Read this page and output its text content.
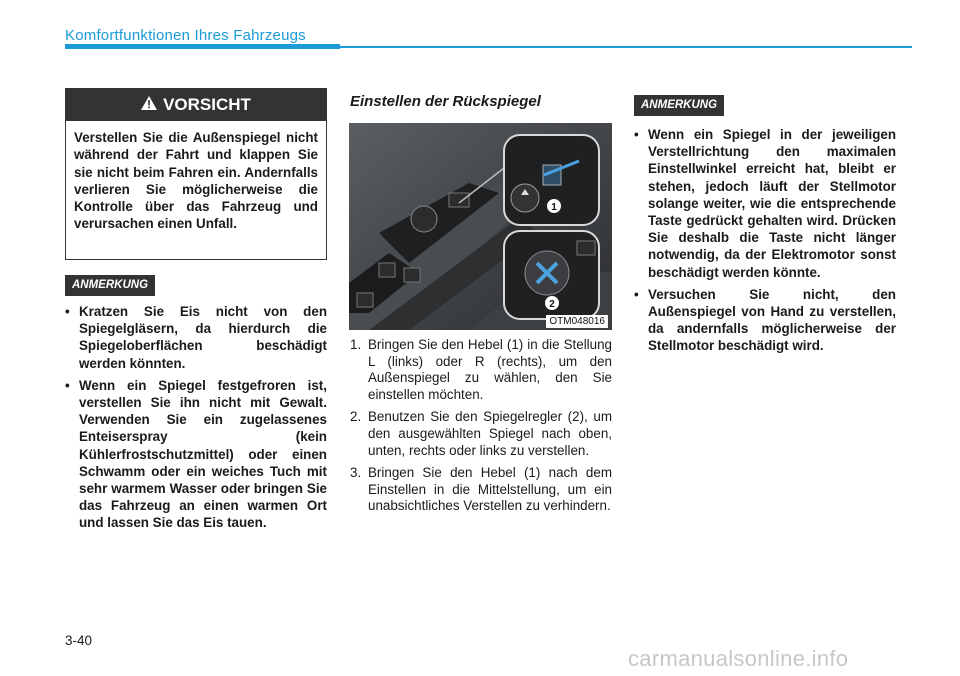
Komfortfunktionen Ihres Fahrzeugs
VORSICHT
Verstellen Sie die Außenspiegel nicht während der Fahrt und klappen Sie sie nicht beim Fahren ein. Andernfalls verlieren Sie möglicherweise die Kontrolle über das Fahrzeug und verursachen einen Unfall.
ANMERKUNG
• Kratzen Sie Eis nicht von den Spiegelgläsern, da hierdurch die Spiegeloberflächen beschädigt werden könnten.
• Wenn ein Spiegel festgefroren ist, verstellen Sie ihn nicht mit Gewalt. Verwenden Sie ein zugelassenes Enteiserspray (kein Kühlerfrostschutzmittel) oder einen Schwamm oder ein weiches Tuch mit sehr warmem Wasser oder bringen Sie das Fahrzeug an einen warmen Ort und lassen Sie das Eis tauen.
Einstellen der Rückspiegel
1
2
OTM048016
1. Bringen Sie den Hebel (1) in die Stellung L (links) oder R (rechts), um den Außenspiegel zu wählen, den Sie einstellen möchten.
2. Benutzen Sie den Spiegelregler (2), um den ausgewählten Spiegel nach oben, unten, rechts oder links zu verstellen.
3. Bringen Sie den Hebel (1) nach dem Einstellen in die Mittelstellung, um ein unabsichtliches Verstellen zu verhindern.
ANMERKUNG
• Wenn ein Spiegel in der jeweiligen Verstellrichtung den maximalen Einstellwinkel erreicht hat, bleibt er stehen, jedoch läuft der Stellmotor solange weiter, wie die entsprechende Taste gedrückt gehalten wird. Drücken Sie deshalb die Taste nicht länger notwendig, da der Elektromotor sonst beschädigt werden könnte.
• Versuchen Sie nicht, den Außenspiegel von Hand zu verstellen, da andernfalls möglicherweise der Stellmotor beschädigt wird.
3-40
carmanualsonline.info
